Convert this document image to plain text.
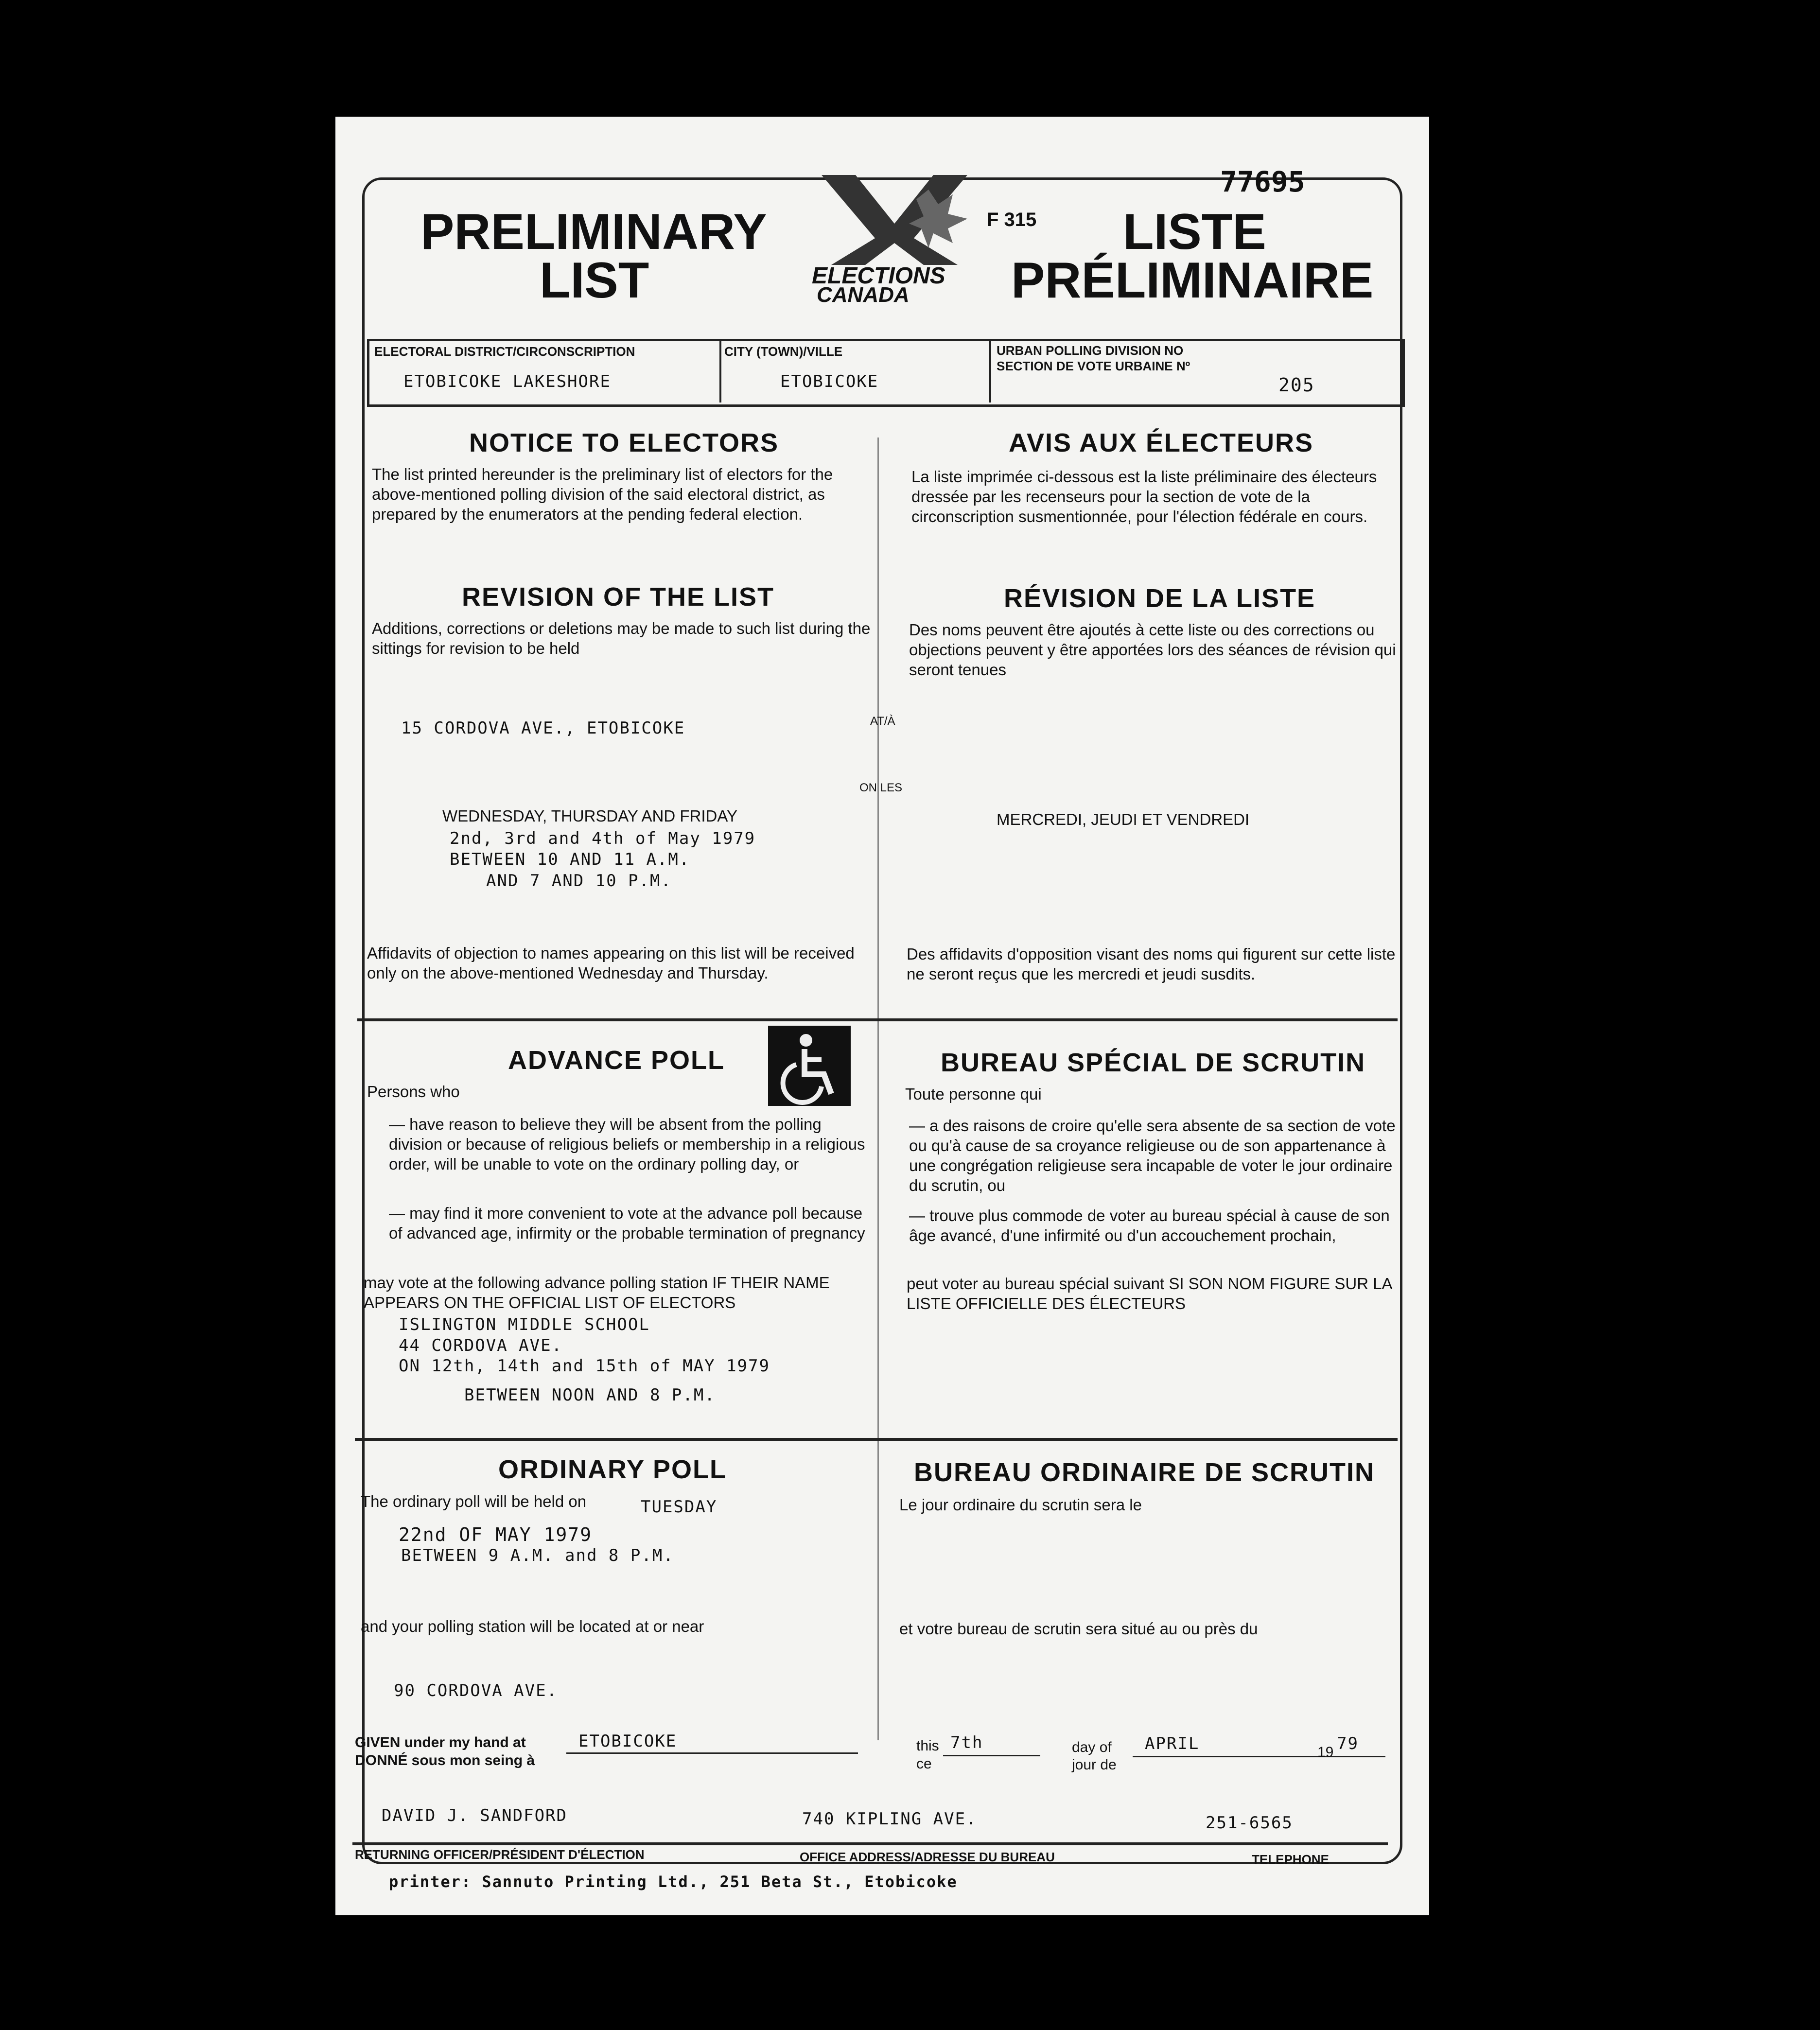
77695
PRELIMINARY
LIST
F 315 LISTE
PRÉLIMINAIRE
ELECTIONS
CANADA
ELECTORAL DISTRICT/CIRCONSCRIPTION
ETOBICOKE LAKESHORE
CITY (TOWN)/VILLE
ETOBICOKE
URBAN POLLING DIVISION NO
SECTION DE VOTE URBAINE Nº
205
NOTICE TO ELECTORS
The list printed hereunder is the preliminary list of electors for the above-mentioned polling division of the said electoral district, as prepared by the enumerators at the pending federal election.
AVIS AUX ÉLECTEURS
La liste imprimée ci-dessous est la liste préliminaire des électeurs dressée par les recenseurs pour la section de vote de la circonscription susmentionnée, pour l'élection fédérale en cours.
REVISION OF THE LIST
Additions, corrections or deletions may be made to such list during the sittings for revision to be held
RÉVISION DE LA LISTE
Des noms peuvent être ajoutés à cette liste ou des corrections ou objections peuvent y être apportées lors des séances de révision qui seront tenues
15 CORDOVA AVE., ETOBICOKE	AT/À
ON LES
WEDNESDAY, THURSDAY AND FRIDAY	MERCREDI, JEUDI ET VENDREDI
2nd, 3rd and 4th of May 1979
BETWEEN 10 AND 11 A.M.
AND 7 AND 10 P.M.
Affidavits of objection to names appearing on this list will be received only on the above-mentioned Wednesday and Thursday.
Des affidavits d'opposition visant des noms qui figurent sur cette liste ne seront reçus que les mercredi et jeudi susdits.
ADVANCE POLL	BUREAU SPÉCIAL DE SCRUTIN
Persons who
— have reason to believe they will be absent from the polling division or because of religious beliefs or membership in a religious order, will be unable to vote on the ordinary polling day, or
— may find it more convenient to vote at the advance poll because of advanced age, infirmity or the probable termination of pregnancy
may vote at the following advance polling station IF THEIR NAME APPEARS ON THE OFFICIAL LIST OF ELECTORS
Toute personne qui
— a des raisons de croire qu'elle sera absente de sa section de vote ou qu'à cause de sa croyance religieuse ou de son appartenance à une congrégation religieuse sera incapable de voter le jour ordinaire du scrutin, ou
— trouve plus commode de voter au bureau spécial à cause de son âge avancé, d'une infirmité ou d'un accouchement prochain,
peut voter au bureau spécial suivant SI SON NOM FIGURE SUR LA LISTE OFFICIELLE DES ÉLECTEURS
ISLINGTON MIDDLE SCHOOL
44 CORDOVA AVE.
ON 12th, 14th and 15th of MAY 1979
BETWEEN NOON AND 8 P.M.
ORDINARY POLL	BUREAU ORDINAIRE DE SCRUTIN
The ordinary poll will be held on	TUESDAY	Le jour ordinaire du scrutin sera le
22nd OF MAY 1979
BETWEEN 9 A.M. and 8 P.M.
and your polling station will be located at or near	et votre bureau de scrutin sera situé au ou près du
90 CORDOVA AVE.
GIVEN under my hand at
DONNÉ sous mon seing à
ETOBICOKE	this
ce
7th	day of
jour de
APRIL	19 79
DAVID J. SANDFORD	740 KIPLING AVE.	251-6565
RETURNING OFFICER/PRÉSIDENT D'ÉLECTION	OFFICE ADDRESS/ADRESSE DU BUREAU	TELEPHONE
printer: Sannuto Printing Ltd., 251 Beta St., Etobicoke
